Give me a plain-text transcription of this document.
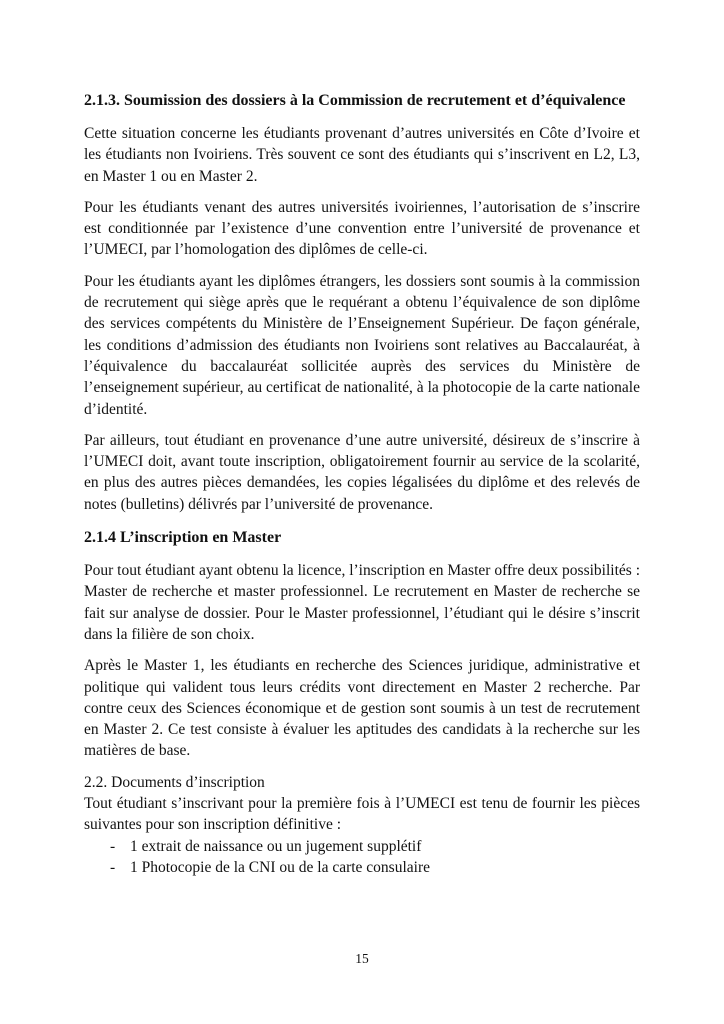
2.1.3. Soumission des dossiers à la Commission de recrutement et d’équivalence

Cette situation concerne les étudiants provenant d’autres universités en Côte d’Ivoire et les étudiants non Ivoiriens. Très souvent ce sont des étudiants qui s’inscrivent en L2, L3, en Master 1 ou en Master 2.

Pour les étudiants venant des autres universités ivoiriennes, l’autorisation de s’inscrire est conditionnée par l’existence d’une convention entre l’université de provenance et l’UMECI, par l’homologation des diplômes de celle-ci.

Pour les étudiants ayant les diplômes étrangers, les dossiers sont soumis à la commission de recrutement qui siège après que le requérant a obtenu l’équivalence de son diplôme des services compétents du Ministère de l’Enseignement Supérieur. De façon générale, les conditions d’admission des étudiants non Ivoiriens sont relatives au Baccalauréat, à l’équivalence du baccalauréat sollicitée auprès des services du Ministère de l’enseignement supérieur, au certificat de nationalité, à la photocopie de la carte nationale d’identité.

Par ailleurs, tout étudiant en provenance d’une autre université, désireux de s’inscrire à l’UMECI doit, avant toute inscription, obligatoirement fournir au service de la scolarité, en plus des autres pièces demandées, les copies légalisées du diplôme et des relevés de notes (bulletins) délivrés par l’université de provenance.

2.1.4 L’inscription en Master

Pour tout étudiant ayant obtenu la licence, l’inscription en Master offre deux possibilités : Master de recherche et master professionnel. Le recrutement en Master de recherche se fait sur analyse de dossier. Pour le Master professionnel, l’étudiant qui le désire s’inscrit dans la filière de son choix.

Après le Master 1, les étudiants en recherche des Sciences juridique, administrative et politique qui valident tous leurs crédits vont directement en Master 2 recherche. Par contre ceux des Sciences économique et de gestion sont soumis à un test de recrutement en Master 2. Ce test consiste à évaluer les aptitudes des candidats à la recherche sur les matières de base.

2.2. Documents d’inscription

Tout étudiant s’inscrivant pour la première fois à l’UMECI est tenu de fournir les pièces suivantes pour son inscription définitive :

- 1 extrait de naissance ou un jugement supplétif
- 1 Photocopie de la CNI ou de la carte consulaire
15
